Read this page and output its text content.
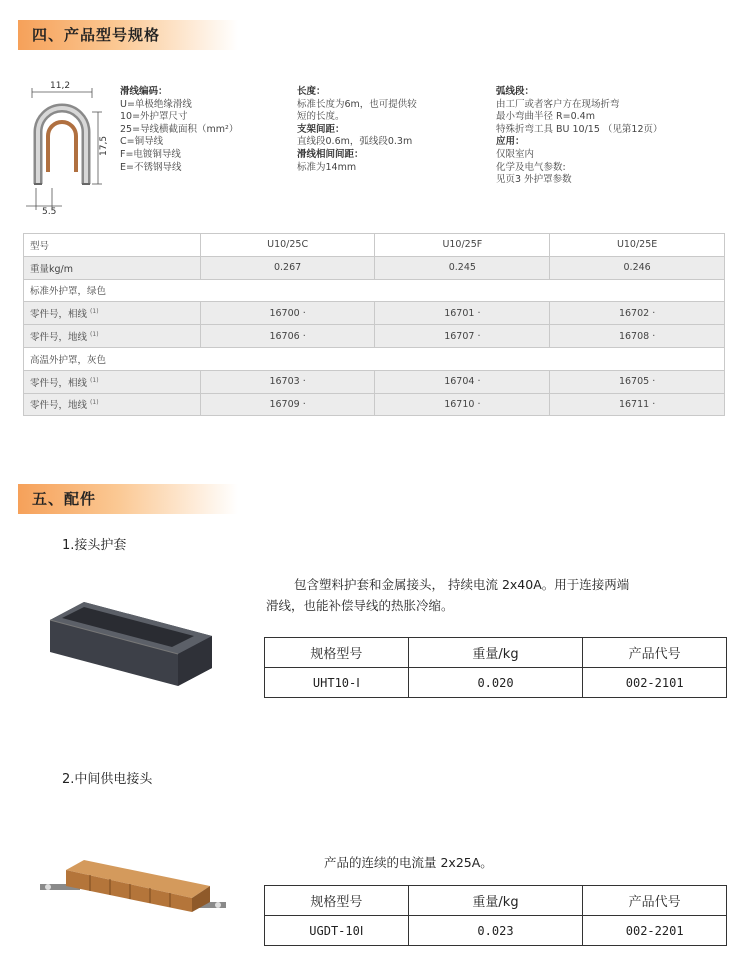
四、产品型号规格
11,2
17,5
5,5
滑线编码：
U=单极绝缘滑线
10=外护罩尺寸
25=导线横截面积（mm²）
C=铜导线
F=电镀铜导线
E=不锈钢导线
长度：
标准长度为6m，也可提供较
短的长度。
支架间距：
直线段0.6m，弧线段0.3m
滑线相间间距：
标准为14mm
弧线段：
由工厂或者客户方在现场折弯
最小弯曲半径 R=0.4m
特殊折弯工具 BU 10/15 （见第12页）
应用：
仅限室内
化学及电气参数:
见页3 外护罩参数
型号	U10/25C	U10/25F	U10/25E
重量kg/m	0.267	0.245	0.246
标准外护罩，绿色			
零件号，相线 $^{(1)}$	16700 ·	16701 ·	16702 ·
零件号，地线 $^{(1)}$	16706 ·	16707 ·	16708 ·
高温外护罩，灰色			
零件号，相线 $^{(1)}$	16703 ·	16704 ·	16705 ·
零件号，地线 $^{(1)}$	16709 ·	16710 ·	16711 ·
五、配件
1.接头护套
包含塑料护套和金属接头， 持续电流 2x40A。用于连接两端
滑线，也能补偿导线的热胀冷缩。
规格型号	重量/kg	产品代号
UHT10-Ⅰ	0.020	002-2101
2.中间供电接头
产品的连续的电流量 2x25A。
规格型号	重量/kg	产品代号
UGDT-10Ⅰ	0.023	002-2201
